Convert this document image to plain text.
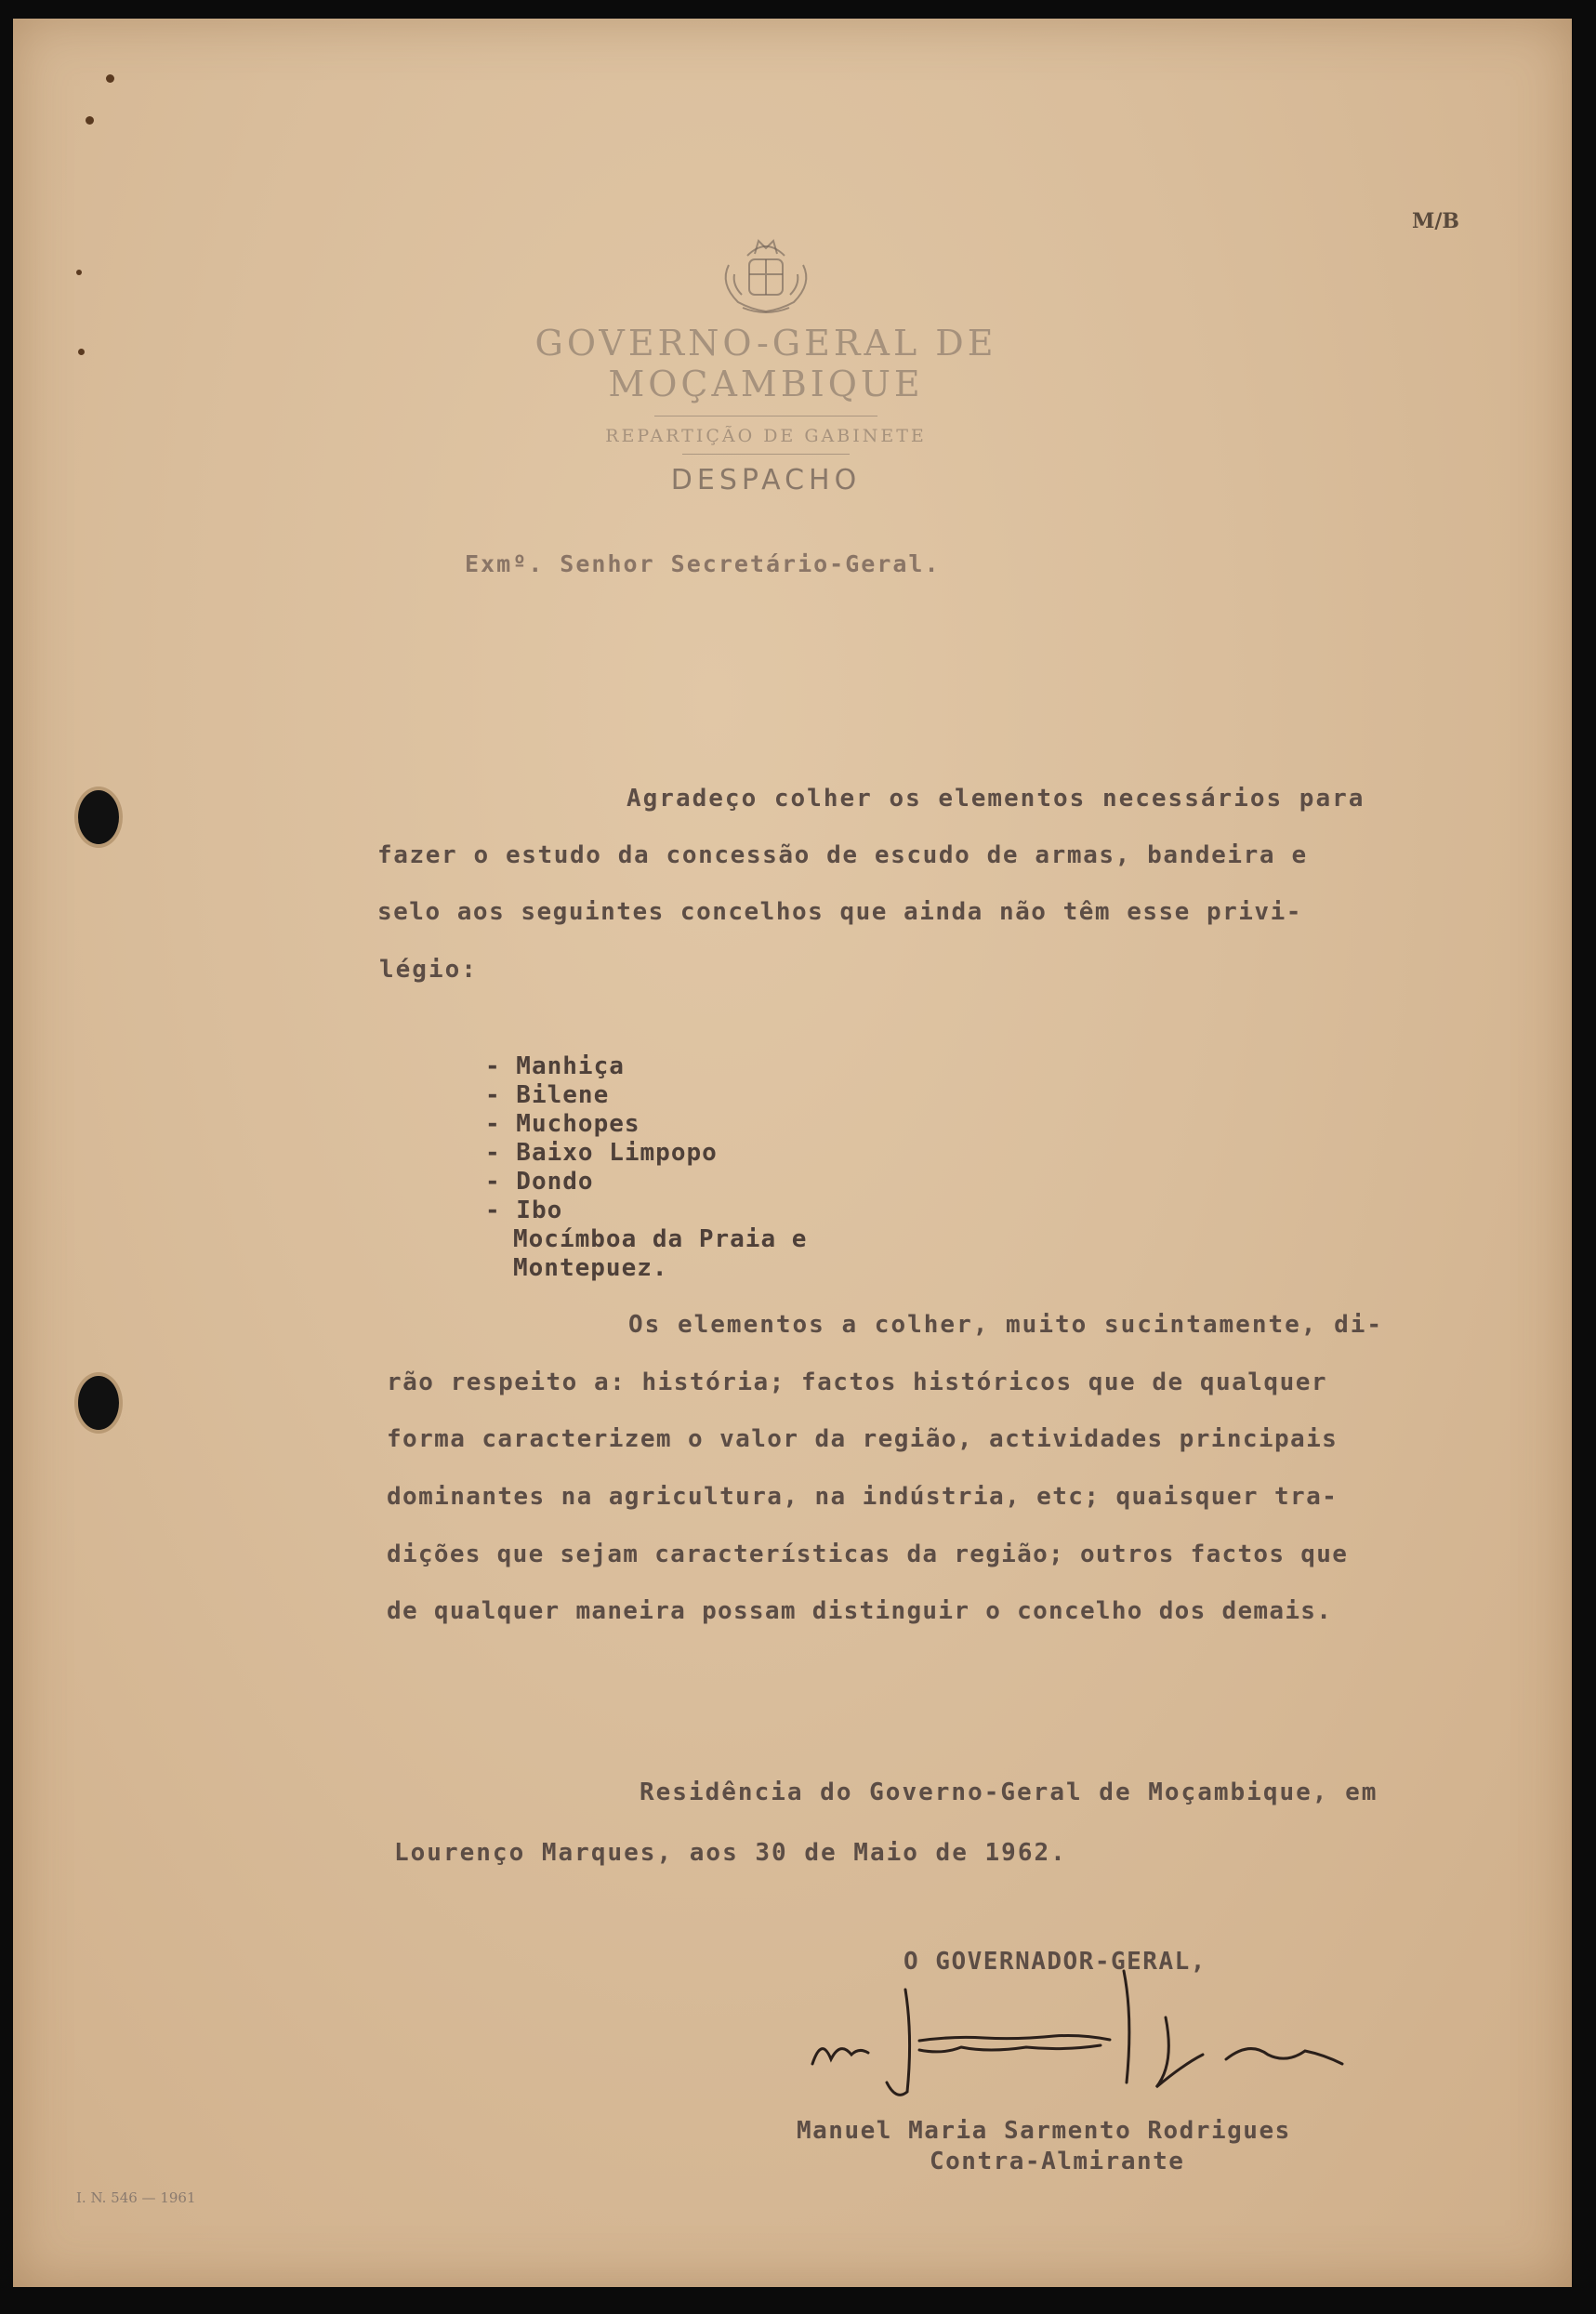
M/B
GOVERNO-GERAL DE MOÇAMBIQUE
REPARTIÇÃO DE GABINETE
DESPACHO
Exmº. Senhor Secretário-Geral.
Agradeço colher os elementos necessários para
fazer o estudo da concessão de escudo de armas, bandeira e
selo aos seguintes concelhos que ainda não têm esse privi-
légio:
- Manhiça
- Bilene
- Muchopes
- Baixo Limpopo
- Dondo
- Ibo
Mocímboa da Praia e
Montepuez.
Os elementos a colher, muito sucintamente, di-
rão respeito a: história; factos históricos que de qualquer
forma caracterizem o valor da região, actividades principais
dominantes na agricultura, na indústria, etc; quaisquer tra-
dições que sejam características da região; outros factos que
de qualquer maneira possam distinguir o concelho dos demais.
Residência do Governo-Geral de Moçambique, em
Lourenço Marques, aos 30 de Maio de 1962.
O GOVERNADOR-GERAL,
Manuel Maria Sarmento Rodrigues
Contra-Almirante
I. N. 546 — 1961
